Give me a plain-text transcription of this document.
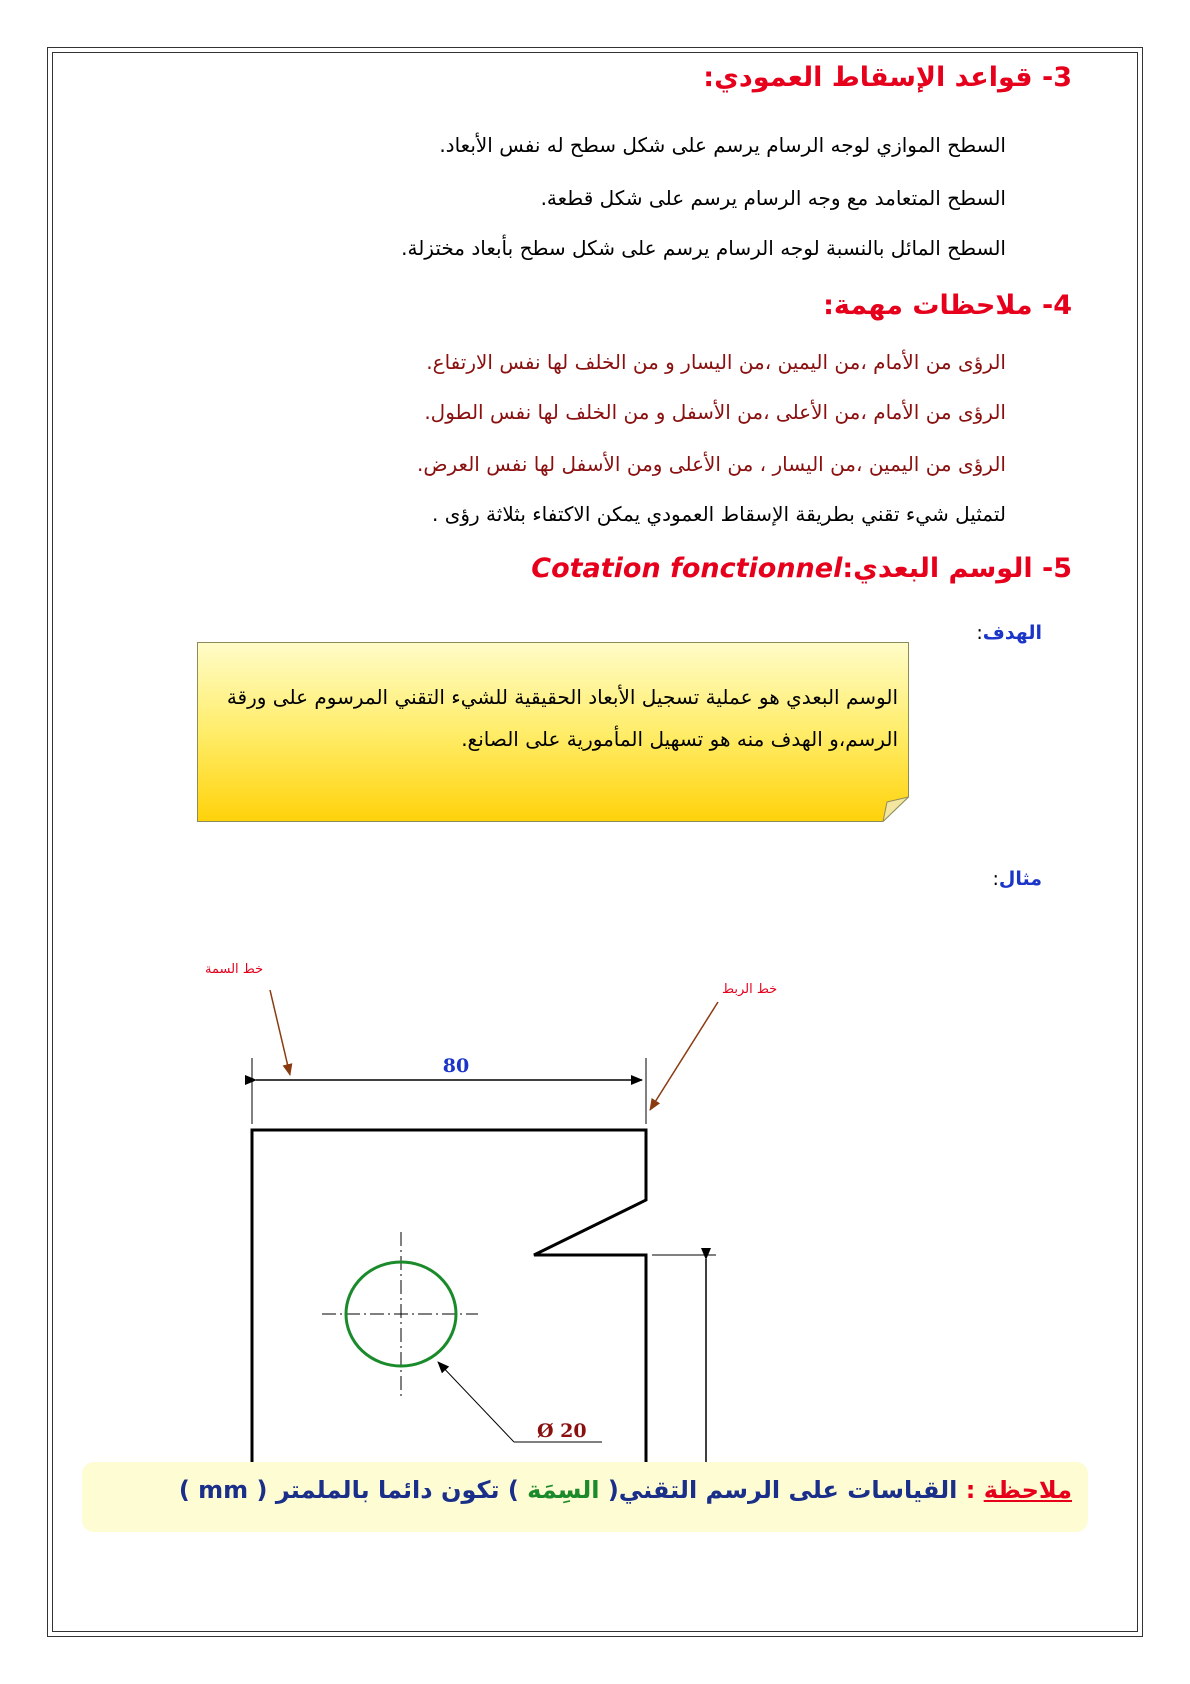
3- قواعد الإسقاط العمودي:
السطح الموازي لوجه الرسام يرسم على شكل سطح له نفس الأبعاد.
السطح المتعامد مع وجه الرسام يرسم على شكل قطعة.
السطح المائل بالنسبة لوجه الرسام يرسم على شكل سطح بأبعاد مختزلة.
4- ملاحظات مهمة:
الرؤى من الأمام ،من اليمين ،من اليسار و من الخلف لها نفس الارتفاع.
الرؤى من الأمام ،من الأعلى ،من الأسفل و من الخلف لها نفس الطول.
الرؤى من اليمين ،من اليسار ، من الأعلى ومن الأسفل لها نفس العرض.
لتمثيل شيء تقني بطريقة الإسقاط العمودي يمكن الاكتفاء بثلاثة رؤى .
5- الوسم البعدي:Cotation fonctionnel
الهدف:
الوسم البعدي هو عملية تسجيل الأبعاد الحقيقية للشيء التقني المرسوم على ورقة الرسم،و الهدف منه هو تسهيل المأمورية على الصانع.
مثال:
80
Ø 20
خط السمة
خط الربط
ملاحظة : القياسات على الرسم التقني( السِمَة ) تكون دائما بالملمتر ( mm )
